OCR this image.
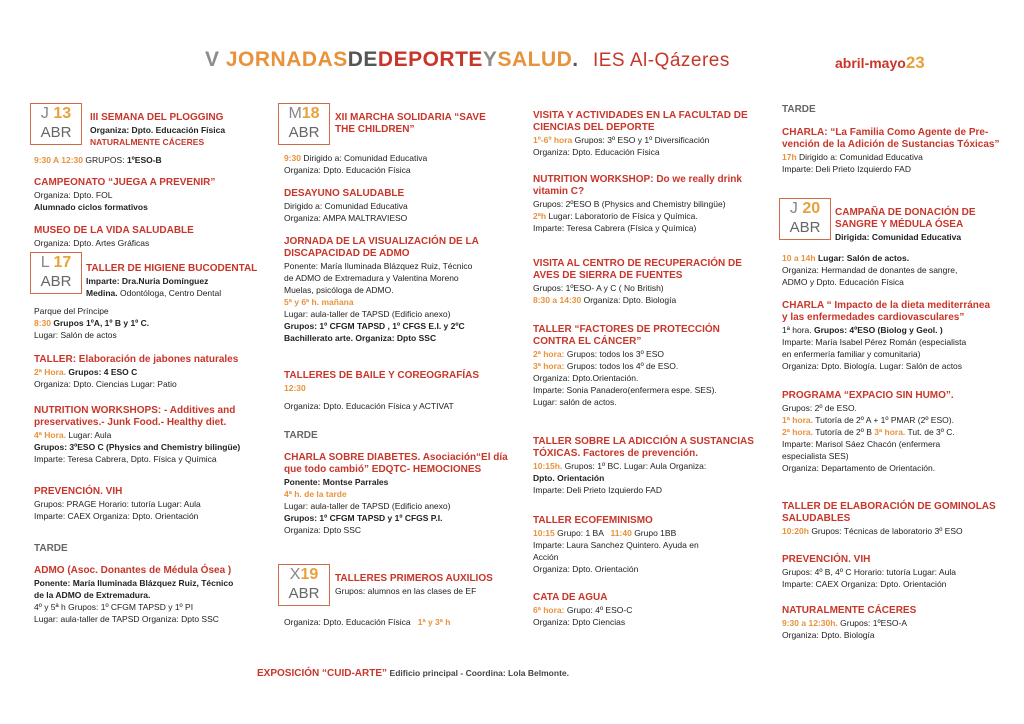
V JORNADASDEDEPORTEYSALUD. IES Al-Qázeres	abril-mayo23
J 13
ABR
III SEMANA DEL PLOGGING
Organiza: Dpto. Educación Física
NATURALMENTE CÁCERES
9:30 A 12:30 GRUPOS: 1ºESO-B
CAMPEONATO “JUEGA A PREVENIR”
Organiza: Dpto. FOL
Alumnado ciclos formativos
MUSEO DE LA VIDA SALUDABLE
Organiza: Dpto. Artes Gráficas
L 17
ABR
TALLER DE HIGIENE BUCODENTAL
Imparte: Dra.Nuria Domínguez
Medina. Odontóloga, Centro Dental
Parque del Príncipe
8:30 Grupos 1ºA, 1º B y 1º C.
Lugar: Salón de actos
TALLER: Elaboración de jabones naturales
2ª Hora. Grupos: 4 ESO C
Organiza: Dpto. Ciencias Lugar: Patio
NUTRITION WORKSHOPS: - Additives and
preservatives.- Junk Food.- Healthy diet.
4ª Hora. Lugar: Aula
Grupos: 3ºESO C (Physics and Chemistry bilingüe)
Imparte: Teresa Cabrera, Dpto. Física y Química
PREVENCIÓN. VIH
Grupos: PRAGE Horario: tutoría Lugar: Aula
Imparte: CAEX Organiza: Dpto. Orientación
TARDE
ADMO (Asoc. Donantes de Médula Ósea )
Ponente: María Iluminada Blázquez Ruiz, Técnico
de la ADMO de Extremadura.
4º y 5ª h Grupos: 1º CFGM TAPSD y 1º PI
Lugar: aula-taller de TAPSD Organiza: Dpto SSC
M18
ABR
XII MARCHA SOLIDARIA “SAVE
THE CHILDREN”
9:30 Dirigido a: Comunidad Educativa
Organiza: Dpto. Educación Física
DESAYUNO SALUDABLE
Dirigido a: Comunidad Educativa
Organiza: AMPA MALTRAVIESO
JORNADA DE LA VISUALIZACIÓN DE LA
DISCAPACIDAD DE ADMO
Ponente: María Iluminada Blázquez Ruiz, Técnico
de ADMO de Extremadura y Valentina Moreno
Muelas, psicóloga de ADMO.
5ª y 6ª h. mañana
Lugar: aula-taller de TAPSD (Edificio anexo)
Grupos: 1º CFGM TAPSD , 1º CFGS E.I. y 2ºC
Bachillerato arte. Organiza: Dpto SSC
TALLERES DE BAILE Y COREOGRAFÍAS
12:30
Organiza: Dpto. Educación Física y ACTIVAT
TARDE
CHARLA SOBRE DIABETES. Asociación“El día
que todo cambió” EDQTC- HEMOCIONES
Ponente: Montse Parrales
4ª h. de la tarde
Lugar: aula-taller de TAPSD (Edificio anexo)
Grupos: 1º CFGM TAPSD y 1º CFGS P.I.
Organiza: Dpto SSC
X19
ABR
TALLERES PRIMEROS AUXILIOS
Grupos: alumnos en las clases de EF
Organiza: Dpto. Educación Física 1ª y 3ª h
VISITA Y ACTIVIDADES EN LA FACULTAD DE
CIENCIAS DEL DEPORTE
1º-6º hora Grupos: 3º ESO y 1º Diversificación
Organiza: Dpto. Educación Física
NUTRITION WORKSHOP: Do we really drink
vitamin C?
Grupos: 2ºESO B (Physics and Chemistry bilingüe)
2ªh Lugar: Laboratorio de Física y Química.
Imparte: Teresa Cabrera (Física y Química)
VISITA AL CENTRO DE RECUPERACIÓN DE
AVES DE SIERRA DE FUENTES
Grupos: 1ºESO- A y C ( No British)
8:30 a 14:30 Organiza: Dpto. Biología
TALLER “FACTORES DE PROTECCIÓN
CONTRA EL CÁNCER”
2ª hora: Grupos: todos los 3º ESO
3ª hora: Grupos: todos los 4º de ESO.
Organiza: Dpto.Orientación.
Imparte: Sonia Panadero(enfermera espe. SES).
Lugar: salón de actos.
TALLER SOBRE LA ADICCIÓN A SUSTANCIAS
TÓXICAS. Factores de prevención.
10:15h. Grupos: 1º BC. Lugar: Aula Organiza:
Dpto. Orientación
Imparte: Deli Prieto Izquierdo FAD
TALLER ECOFEMINISMO
10:15 Grupo: 1 BA 11:40 Grupo 1BB
Imparte: Laura Sanchez Quintero. Ayuda en
Acción
Organiza: Dpto. Orientación
CATA DE AGUA
6ª hora: Grupo: 4º ESO-C
Organiza: Dpto Ciencias
TARDE
CHARLA: “La Familia Como Agente de Pre-
vención de la Adición de Sustancias Tóxicas”
17h Dirigido a: Comunidad Educativa
Imparte: Deli Prieto Izquierdo FAD
J 20
ABR
CAMPAÑA DE DONACIÓN DE
SANGRE Y MÉDULA ÓSEA
Dirigida: Comunidad Educativa
10 a 14h Lugar: Salón de actos.
Organiza: Hermandad de donantes de sangre,
ADMO y Dpto. Educación Física
CHARLA “ Impacto de la dieta mediterránea
y las enfermedades cardiovasculares”
1ª hora. Grupos: 4ºESO (Biolog y Geol. )
Imparte: María Isabel Pérez Román (especialista
en enfermería familiar y comunitaria)
Organiza: Dpto. Biología. Lugar: Salón de actos
PROGRAMA “EXPACIO SIN HUMO”.
Grupos: 2º de ESO.
1ª hora. Tutoría de 2º A + 1º PMAR (2º ESO).
2ª hora. Tutoría de 2º B 3ª hora. Tut. de 3º C.
Imparte: Marisol Sáez Chacón (enfermera
especialista SES)
Organiza: Departamento de Orientación.
TALLER DE ELABORACIÓN DE GOMINOLAS
SALUDABLES
10:20h Grupos: Técnicas de laboratorio 3º ESO
PREVENCIÓN. VIH
Grupos: 4º B, 4º C Horario: tutoría Lugar: Aula
Imparte: CAEX Organiza: Dpto. Orientación
NATURALMENTE CÁCERES
9:30 a 12:30h. Grupos: 1ºESO-A
Organiza: Dpto. Biología
EXPOSICIÓN “CUID-ARTE” Edificio principal - Coordina: Lola Belmonte.
